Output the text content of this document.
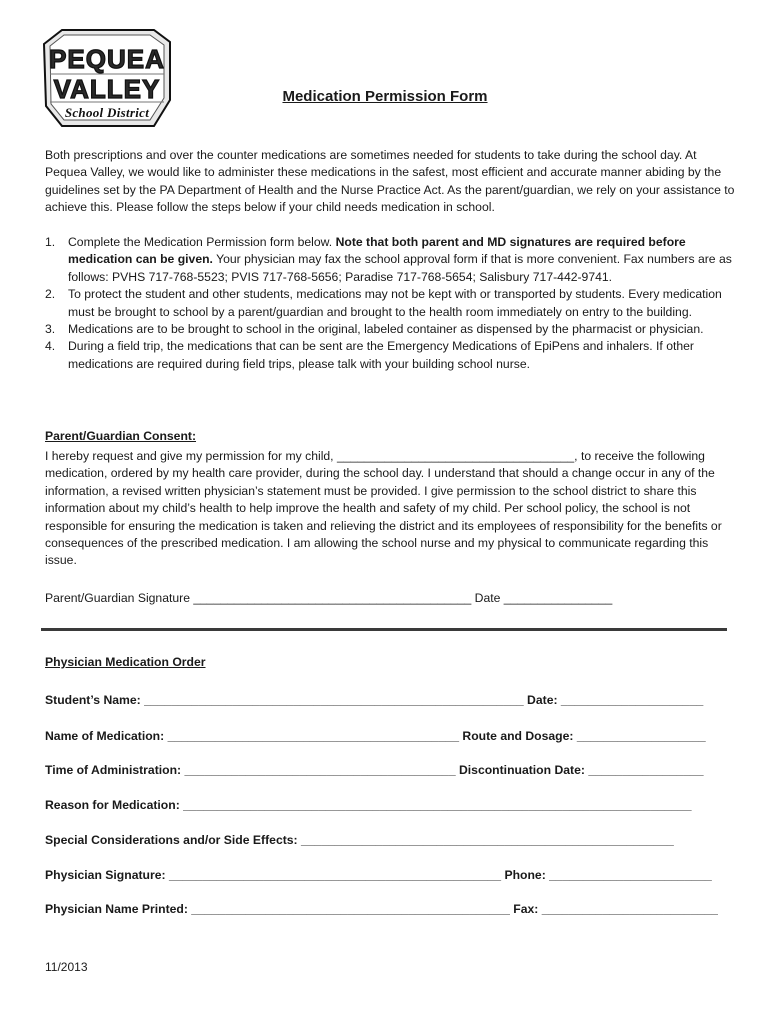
PEQUEA
VALLEY
School District
Medication Permission Form

Both prescriptions and over the counter medications are sometimes needed for students to take during the school day. At Pequea Valley, we would like to administer these medications in the safest, most efficient and accurate manner abiding by the guidelines set by the PA Department of Health and the Nurse Practice Act. As the parent/guardian, we rely on your assistance to achieve this. Please follow the steps below if your child needs medication in school.

1. Complete the Medication Permission form below. Note that both parent and MD signatures are required before medication can be given. Your physician may fax the school approval form if that is more convenient. Fax numbers are as follows: PVHS 717-768-5523; PVIS 717-768-5656; Paradise 717-768-5654; Salisbury 717-442-9741.
2. To protect the student and other students, medications may not be kept with or transported by students. Every medication must be brought to school by a parent/guardian and brought to the health room immediately on entry to the building.
3. Medications are to be brought to school in the original, labeled container as dispensed by the pharmacist or physician.
4. During a field trip, the medications that can be sent are the Emergency Medications of EpiPens and inhalers. If other medications are required during field trips, please talk with your building school nurse.
Parent/Guardian Consent:

I hereby request and give my permission for my child, ___________________________________, to receive the following medication, ordered by my health care provider, during the school day. I understand that should a change occur in any of the information, a revised written physician’s statement must be provided. I give permission to the school district to share this information about my child’s health to help improve the health and safety of my child. Per school policy, the school is not responsible for ensuring the medication is taken and relieving the district and its employees of responsibility for the benefits or consequences of the prescribed medication. I am allowing the school nurse and my physical to communicate regarding this issue.

Parent/Guardian Signature _________________________________________ Date ________________
Physician Medication Order
Student’s Name: ________________________________________________________ Date: _____________________
Name of Medication: ___________________________________________ Route and Dosage: ___________________
Time of Administration: ________________________________________ Discontinuation Date: _________________
Reason for Medication: ___________________________________________________________________________
Special Considerations and/or Side Effects: _______________________________________________________
Physician Signature: _________________________________________________ Phone: ________________________
Physician Name Printed: _______________________________________________ Fax: __________________________
11/2013
